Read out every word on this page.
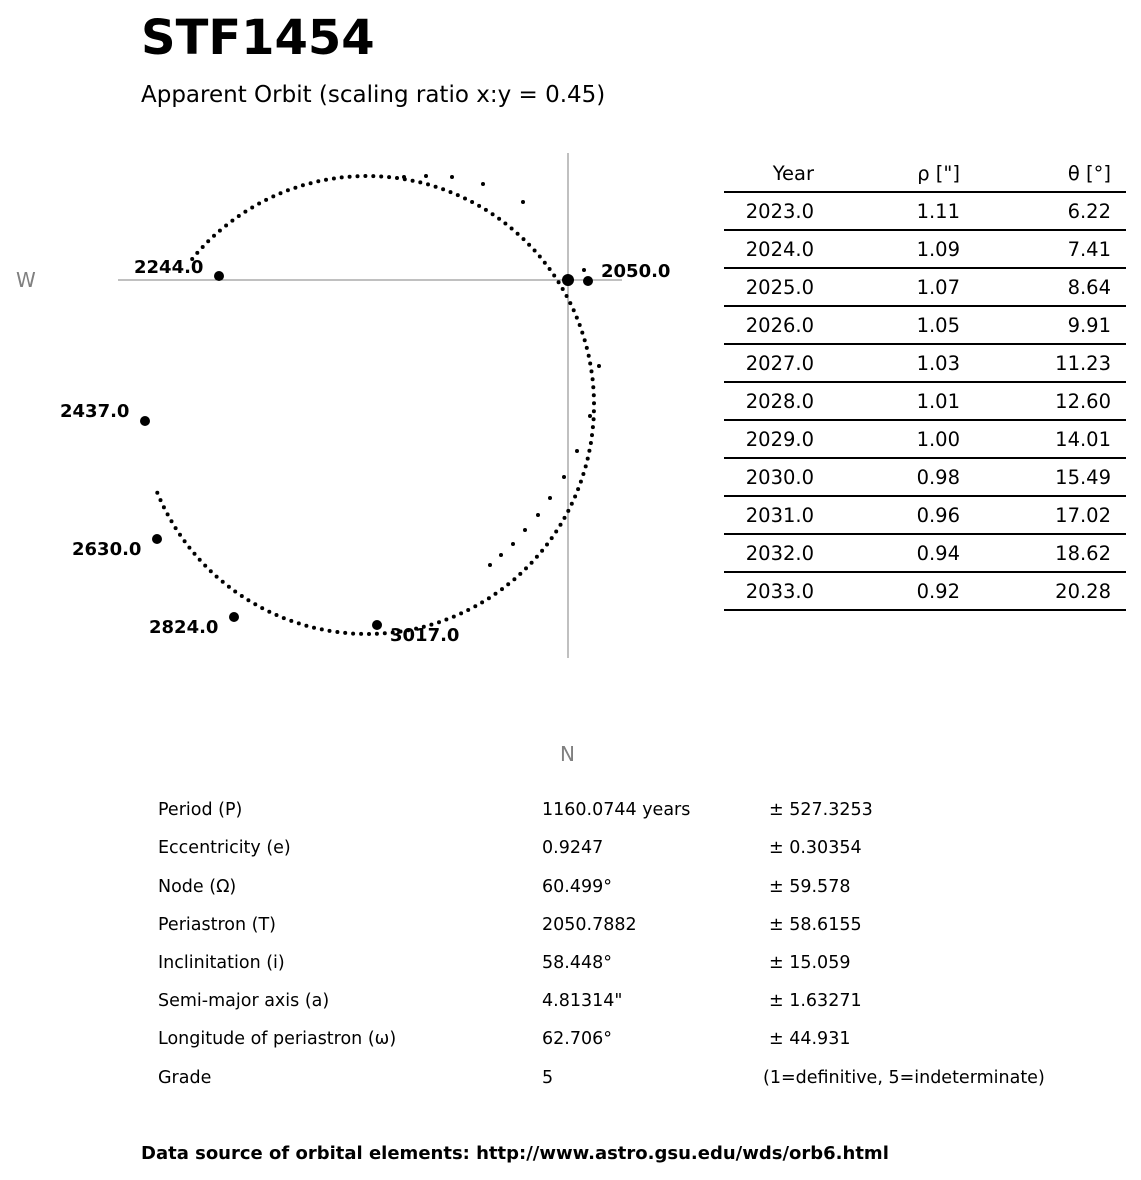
STF1454
Apparent Orbit (scaling ratio x:y = 0.45)
W
N
2050.0
2244.0
2437.0
2630.0
2824.0	3017.0
Year	ρ ["]	θ [°]
2023.0	1.11	6.22
2024.0	1.09	7.41
2025.0	1.07	8.64
2026.0	1.05	9.91
2027.0	1.03	11.23
2028.0	1.01	12.60
2029.0	1.00	14.01
2030.0	0.98	15.49
2031.0	0.96	17.02
2032.0	0.94	18.62
2033.0	0.92	20.28
Period (P)	1160.0744 years	± 527.3253
Eccentricity (e)	0.9247	± 0.30354
Node (Ω)	60.499°	± 59.578
Periastron (T)	2050.7882	± 58.6155
Inclinitation (i)	58.448°	± 15.059
Semi-major axis (a)	4.81314"	± 1.63271
Longitude of periastron (ω)	62.706°	± 44.931
Grade	5	(1=definitive, 5=indeterminate)
Data source of orbital elements: http://www.astro.gsu.edu/wds/orb6.html
